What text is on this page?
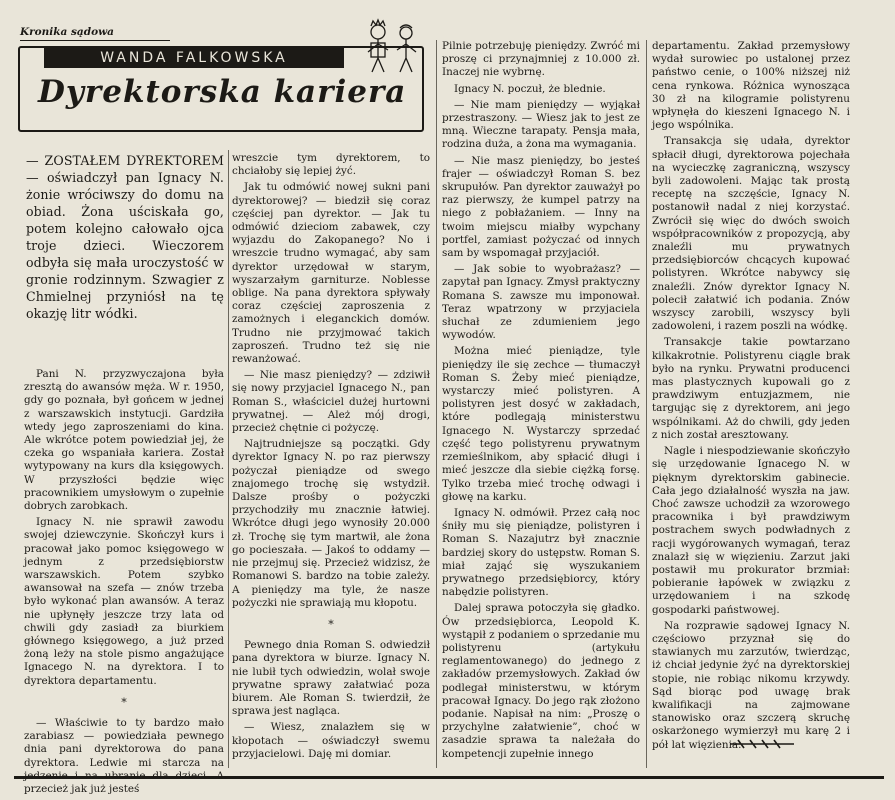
Kronika sądowa
WANDA FALKOWSKA
Dyrektorska kariera

— ZOSTAŁEM DYREKTOREM — oświadczył pan Ignacy N. żonie wróciwszy do domu na obiad. Żona uściskała go, potem kolejno całowało ojca troje dzieci. Wieczorem odbyła się mała uroczystość w gronie rodzinnym. Szwagier z Chmielnej przyniósł na tę okazję litr wódki.

Pani N. przyzwyczajona była zresztą do awansów męża. W r. 1950, gdy go poznała, był gońcem w jednej z warszawskich instytucji. Gardziła wtedy jego zaproszeniami do kina. Ale wkrótce potem powiedział jej, że czeka go wspaniała kariera. Został wytypowany na kurs dla księgowych. W przyszłości będzie więc pracownikiem umysłowym o zupełnie dobrych zarobkach.

Ignacy N. nie sprawił zawodu swojej dziewczynie. Skończył kurs i pracował jako pomoc księgowego w jednym z przedsiębiorstw warszawskich. Potem szybko awansował na szefa — znów trzeba było wykonać plan awansów. A teraz nie upłynęły jeszcze trzy lata od chwili gdy zasiadł za biurkiem głównego księgowego, a już przed żoną leży na stole pismo angażujące Ignacego N. na dyrektora. I to dyrektora departamentu.

*

— Właściwie to ty bardzo mało zarabiasz — powiedziała pewnego dnia pani dyrektorowa do pana dyrektora. Ledwie mi starcza na przecież jak już jesteś

wreszcie tym dyrektorem, to chciałoby się lepiej żyć.

Jak tu odmówić nowej sukni pani dyrektorowej? — biedził się coraz częściej pan dyrektor. — Jak tu odmówić dzieciom zabawek, czy wyjazdu do Zakopanego? No i wreszcie trudno wymagać, aby sam dyrektor urzędował w starym, wyszarzałym garniturze. Noblesse oblige. Na pana dyrektora spływały coraz częściej zaproszenia z zamożnych i eleganckich domów. Trudno nie przyjmować takich zaproszeń. Trudno też się nie rewanżować.

— Nie masz pieniędzy? — zdziwił się nowy przyjaciel Ignacego N., pan Roman S., właściciel dużej hurtowni prywatnej. — Ależ mój drogi, przecież chętnie ci pożyczę.

Najtrudniejsze są początki. Gdy dyrektor Ignacy N. po raz pierwszy pożyczał pieniądze od swego znajomego trochę się wstydził. Dalsze prośby o pożyczki przychodziły mu znacznie łatwiej. Wkrótce długi jego wynosiły 20.000 zł. Trochę się tym martwił, ale żona go pocieszała. — Jakoś to oddamy — nie przejmuj się. Przecież widzisz, że Romanowi S. bardzo na tobie zależy. A pieniędzy ma tyle, że nasze pożyczki nie sprawiają mu kłopotu.

*

Pewnego dnia Roman S. odwiedził pana dyrektora w biurze. Ignacy N. nie lubił tych odwiedzin, wolał swoje prywatne sprawy załatwiać poza biurem. Ale Roman S. twierdził, że sprawa jest nagląca.

— Wiesz, znalazłem się w kłopotach — oświadczył swemu przyjacielowi. Daję mi domiar.

Pilnie potrzebuję pieniędzy. Zwróć mi proszę ci przynajmniej z 10.000 zł. Inaczej nie wybrnę.

Ignacy N. poczuł, że blednie.

— Nie mam pieniędzy — wyjąkał przestraszony. — Wiesz jak to jest ze mną. Wieczne tarapaty. Pensja mała, rodzina duża, a żona ma wymagania.

— Nie masz pieniędzy, bo jesteś frajer — oświadczył Roman S. bez skrupułów. Pan dyrektor zauważył po raz pierwszy, że kumpel patrzy na niego z pobłażaniem. — Inny na twoim miejscu miałby wypchany portfel, zamiast pożyczać od innych sam by wspomagał przyjaciół.

— Jak sobie to wyobrażasz? — zapytał pan Ignacy. Zmysł praktyczny Romana S. zawsze mu imponował. Teraz wpatrzony w przyjaciela słuchał ze zdumieniem jego wywodów.

Można mieć pieniądze, tyle pieniędzy ile się zechce — tłumaczył Roman S. Żeby mieć pieniądze, wystarczy mieć polistyren. A polistyren jest dosyć w zakładach, które podlegają ministerstwu Ignacego N. Wystarczy sprzedać część tego polistyrenu prywatnym rzemieślnikom, aby spłacić długi i mieć jeszcze dla siebie ciężką forsę. Tylko trzeba mieć trochę odwagi i głowę na karku.

Ignacy N. odmówił. Przez całą noc śniły mu się pieniądze, polistyren i Roman S. Nazajutrz był znacznie bardziej skory do ustępstw. Roman S. miał zająć się wyszukaniem prywatnego przedsiębiorcy, który nabędzie polistyren.

Dalej sprawa potoczyła się gładko. Ów przedsiębiorca, Leopold K. wystąpił z podaniem o sprzedanie mu polistyrenu (artykułu reglamentowanego) do jednego z zakładów przemysłowych. Zakład ów podlegał ministerstwu, w którym pracował Ignacy. Do jego rąk złożono podanie. Napisał na nim: „Proszę o przychylne załatwienie”, choć w zasadzie sprawa ta należała do kompetencji zupełnie innego

departamentu. Zakład przemysłowy wydał surowiec po ustalonej przez państwo cenie, o 100% niższej niż cena rynkowa. Różnica wynosząca 30 zł na kilogramie polistyrenu wpłynęła do kieszeni Ignacego N. i jego wspólnika.

Transakcja się udała, dyrektor spłacił długi, dyrektorowa pojechała na wycieczkę zagraniczną, wszyscy byli zadowoleni. Mając tak prostą receptę na szczęście, Ignacy N. postanowił nadal z niej korzystać. Zwrócił się więc do dwóch swoich współpracowników z propozycją, aby znaleźli mu prywatnych przedsiębiorców chcących kupować polistyren. Wkrótce nabywcy się znaleźli. Znów dyrektor Ignacy N. polecił załatwić ich podania. Znów wszyscy zarobili, wszyscy byli zadowoleni, i razem poszli na wódkę.

Transakcje takie powtarzano kilkakrotnie. Polistyrenu ciągle brak było na rynku. Prywatni producenci mas plastycznych kupowali go z prawdziwym entuzjazmem, nie targując się z dyrektorem, ani jego wspólnikami. Aż do chwili, gdy jeden z nich został aresztowany.

Nagle i niespodziewanie skończyło się urzędowanie Ignacego N. w pięknym dyrektorskim gabinecie. Cała jego działalność wyszła na jaw. Choć zawsze uchodził za wzorowego pracownika i był prawdziwym postrachem swych podwładnych z racji wygórowanych wymagań, teraz znalazł się w więzieniu. Zarzut jaki postawił mu prokurator brzmiał: pobieranie łapówek w związku z urzędowaniem i na szkodę gospodarki państwowej.

Na rozprawie sądowej Ignacy N. częściowo przyznał się do stawianych mu zarzutów, twierdząc, iż chciał jedynie żyć na dyrektorskiej stopie, nie robiąc nikomu krzywdy. Sąd biorąc pod uwagę brak kwalifikacji na zajmowane stanowisko oraz szczerą skruchę oskarżonego wymierzył mu karę 2 i pół lat więzienia.
